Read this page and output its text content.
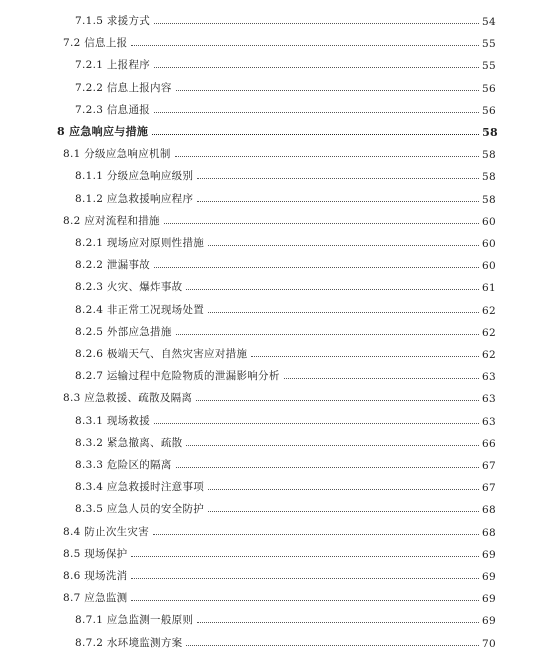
7.1.5 求援方式	54
7.2 信息上报	55
7.2.1 上报程序	55
7.2.2 信息上报内容	56
7.2.3 信息通报	56
8 应急响应与措施	58
8.1 分级应急响应机制	58
8.1.1 分级应急响应级别	58
8.1.2 应急救援响应程序	58
8.2 应对流程和措施	60
8.2.1 现场应对原则性措施	60
8.2.2 泄漏事故	60
8.2.3 火灾、爆炸事故	61
8.2.4 非正常工况现场处置	62
8.2.5 外部应急措施	62
8.2.6 极端天气、自然灾害应对措施	62
8.2.7 运输过程中危险物质的泄漏影响分析	63
8.3 应急救援、疏散及隔离	63
8.3.1 现场救援	63
8.3.2 紧急撤离、疏散	66
8.3.3 危险区的隔离	67
8.3.4 应急救援时注意事项	67
8.3.5 应急人员的安全防护	68
8.4 防止次生灾害	68
8.5 现场保护	69
8.6 现场洗消	69
8.7 应急监测	69
8.7.1 应急监测一般原则	69
8.7.2 水环境监测方案	70
